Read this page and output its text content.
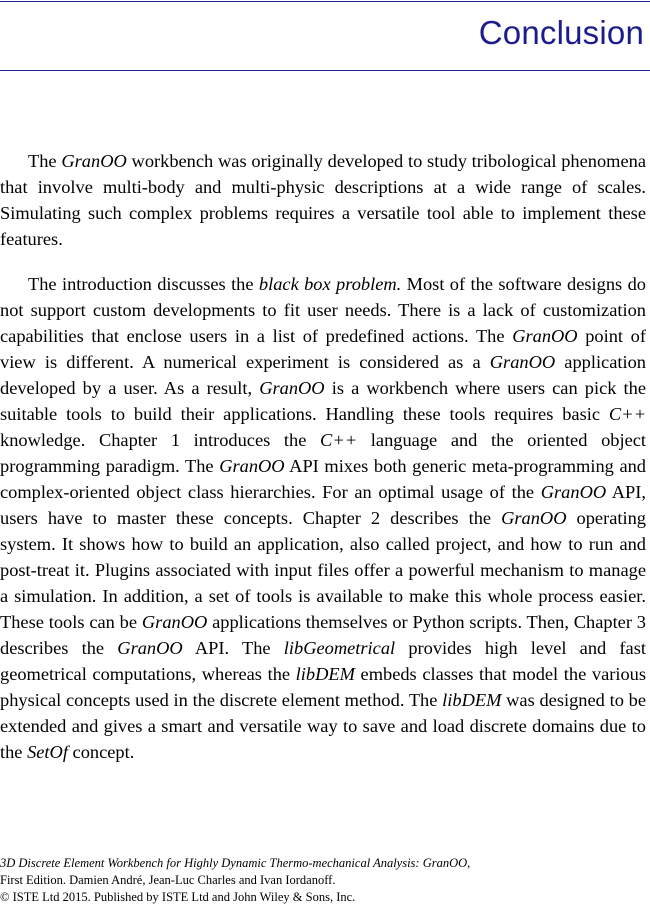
Conclusion

The GranOO workbench was originally developed to study tribological phenomena that involve multi-body and multi-physic descriptions at a wide range of scales. Simulating such complex problems requires a versatile tool able to implement these features.

The introduction discusses the black box problem. Most of the software designs do not support custom developments to fit user needs. There is a lack of customization capabilities that enclose users in a list of predefined actions. The GranOO point of view is different. A numerical experiment is considered as a GranOO application developed by a user. As a result, GranOO is a workbench where users can pick the suitable tools to build their applications. Handling these tools requires basic C++ knowledge. Chapter 1 introduces the C++ language and the oriented object programming paradigm. The GranOO API mixes both generic meta-programming and complex-oriented object class hierarchies. For an optimal usage of the GranOO API, users have to master these concepts. Chapter 2 describes the GranOO operating system. It shows how to build an application, also called project, and how to run and post-treat it. Plugins associated with input files offer a powerful mechanism to manage a simulation. In addition, a set of tools is available to make this whole process easier. These tools can be GranOO applications themselves or Python scripts. Then, Chapter 3 describes the GranOO API. The libGeometrical provides high level and fast geometrical computations, whereas the libDEM embeds classes that model the various physical concepts used in the discrete element method. The libDEM was designed to be extended and gives a smart and versatile way to save and load discrete domains due to the SetOf concept.

3D Discrete Element Workbench for Highly Dynamic Thermo-mechanical Analysis: GranOO,
First Edition. Damien André, Jean-Luc Charles and Ivan Iordanoff.
© ISTE Ltd 2015. Published by ISTE Ltd and John Wiley & Sons, Inc.
